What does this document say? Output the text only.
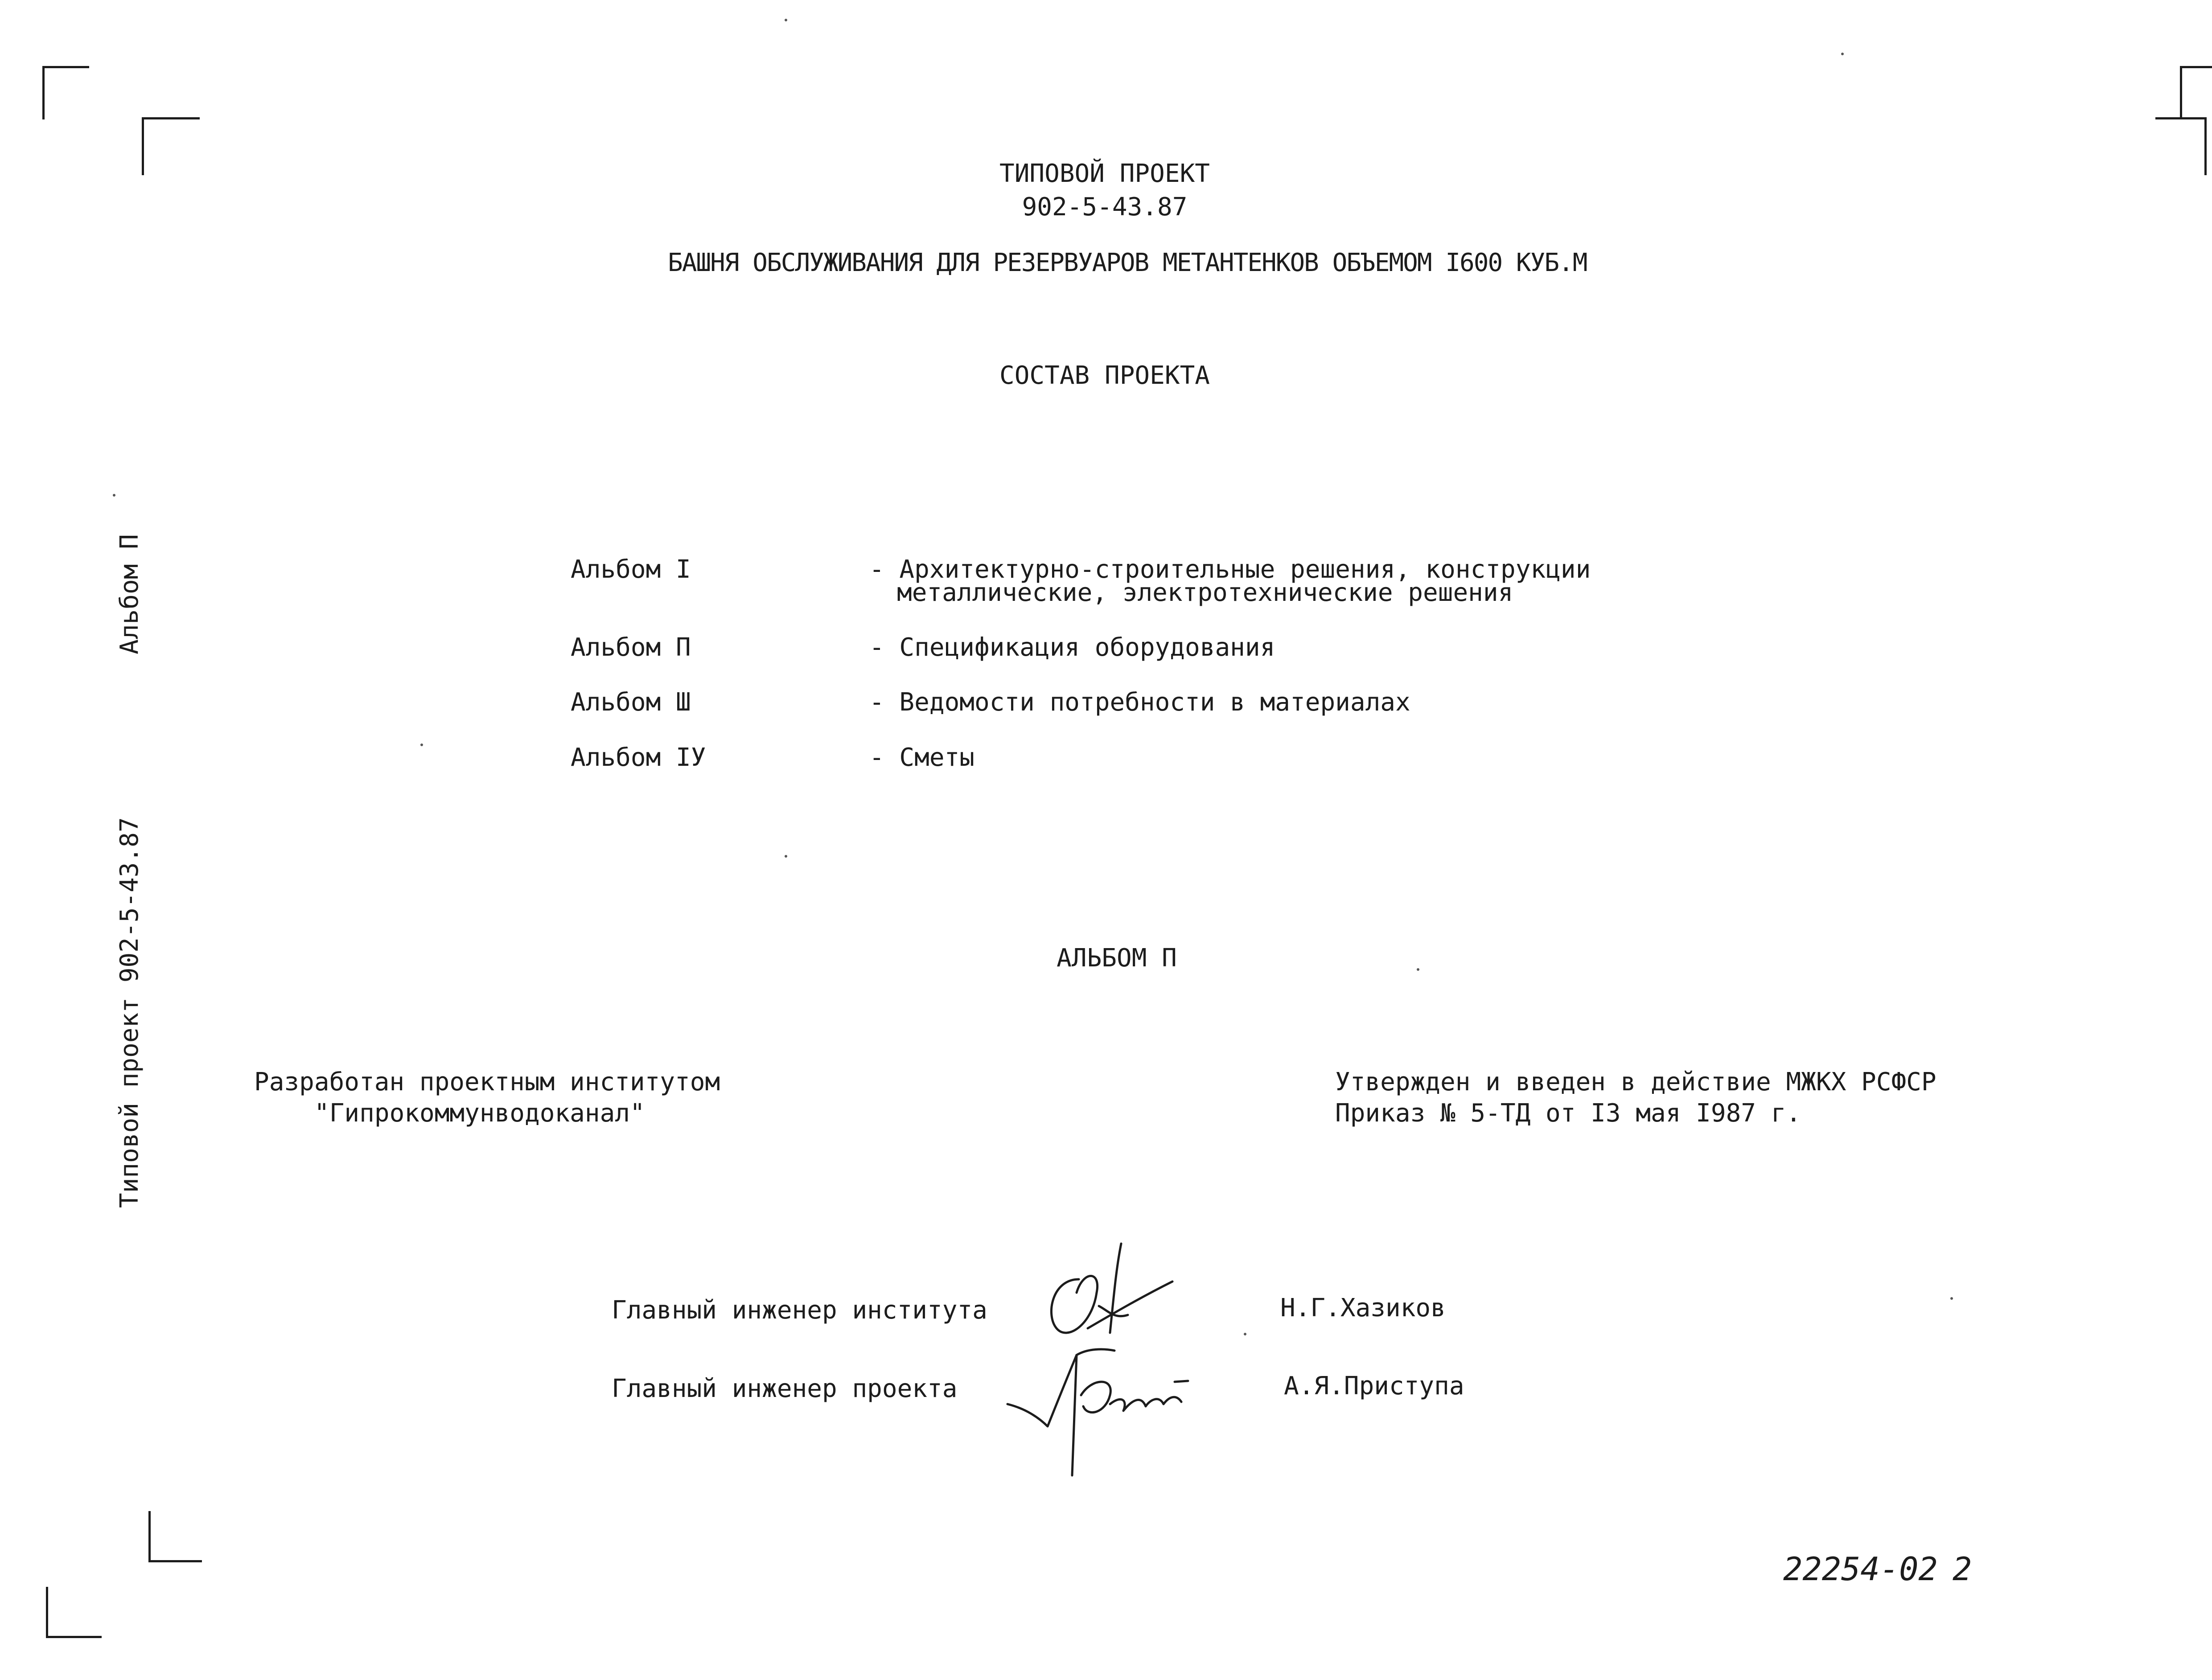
Альбом П
Типовой проект 902-5-43.87
ТИПОВОЙ ПРОЕКТ
902-5-43.87
БАШНЯ ОБСЛУЖИВАНИЯ ДЛЯ РЕЗЕРВУАРОВ МЕТАНТЕНКОВ ОБЪЕМОМ I600 КУБ.М
СОСТАВ ПРОЕКТА
Альбом I	- Архитектурно-строительные решения, конструкции
металлические, электротехнические решения
Альбом П	- Спецификация оборудования
Альбом Ш	- Ведомости потребности в материалах
Альбом IУ	- Сметы
АЛЬБОМ П
Разработан проектным институтом
"Гипрокоммунводоканал"
Утвержден и введен в действие МЖКХ РСФСР
Приказ № 5-ТД от I3 мая I987 г.
Главный инженер института	Н.Г.Хазиков
Главный инженер проекта	А.Я.Приступа
22254-02 2
